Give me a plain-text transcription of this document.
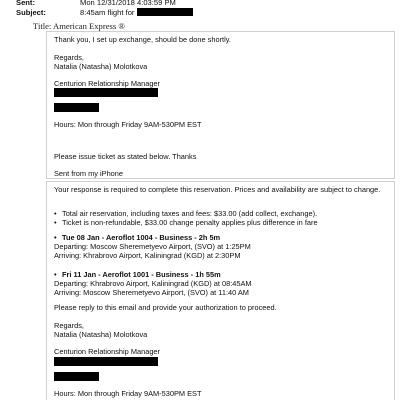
Sent:	Mon 12/31/2018 4:03:59 PM
Subject:	8:45am flight for
Title: American Express ®
Thank you, I set up exchange, should be done shortly.
Regards,
Natalia (Natasha) Molotkova
Centurion Relationship Manager
Hours: Mon through Friday 9AM-530PM EST
Please issue ticket as stated below. Thanks
Sent from my iPhone
Your response is required to complete this reservation. Prices and availability are subject to change.
• Total air reservation, including taxes and fees: $33.00 (add collect, exchange).
• Ticket is non-refundable, $33.00 change penalty applies plus difference in fare
• Tue 08 Jan - Aeroflot 1004 - Business - 2h 5m
Departing: Moscow Sheremetyevo Airport, (SVO) at 1:25PM
Arriving: Khrabrovo Airport, Kaliningrad (KGD) at 2:30PM
• Fri 11 Jan - Aeroflot 1001 - Business - 1h 55m
Departing: Khrabrovo Airport, Kaliningrad (KGD) at 08:45AM
Arriving: Moscow Sheremetyevo Airport, (SVO) at 11:40 AM
Please reply to this email and provide your authorization to proceed.
Regards,
Natalia (Natasha) Molotkova
Centurion Relationship Manager
Hours: Mon through Friday 9AM-530PM EST
